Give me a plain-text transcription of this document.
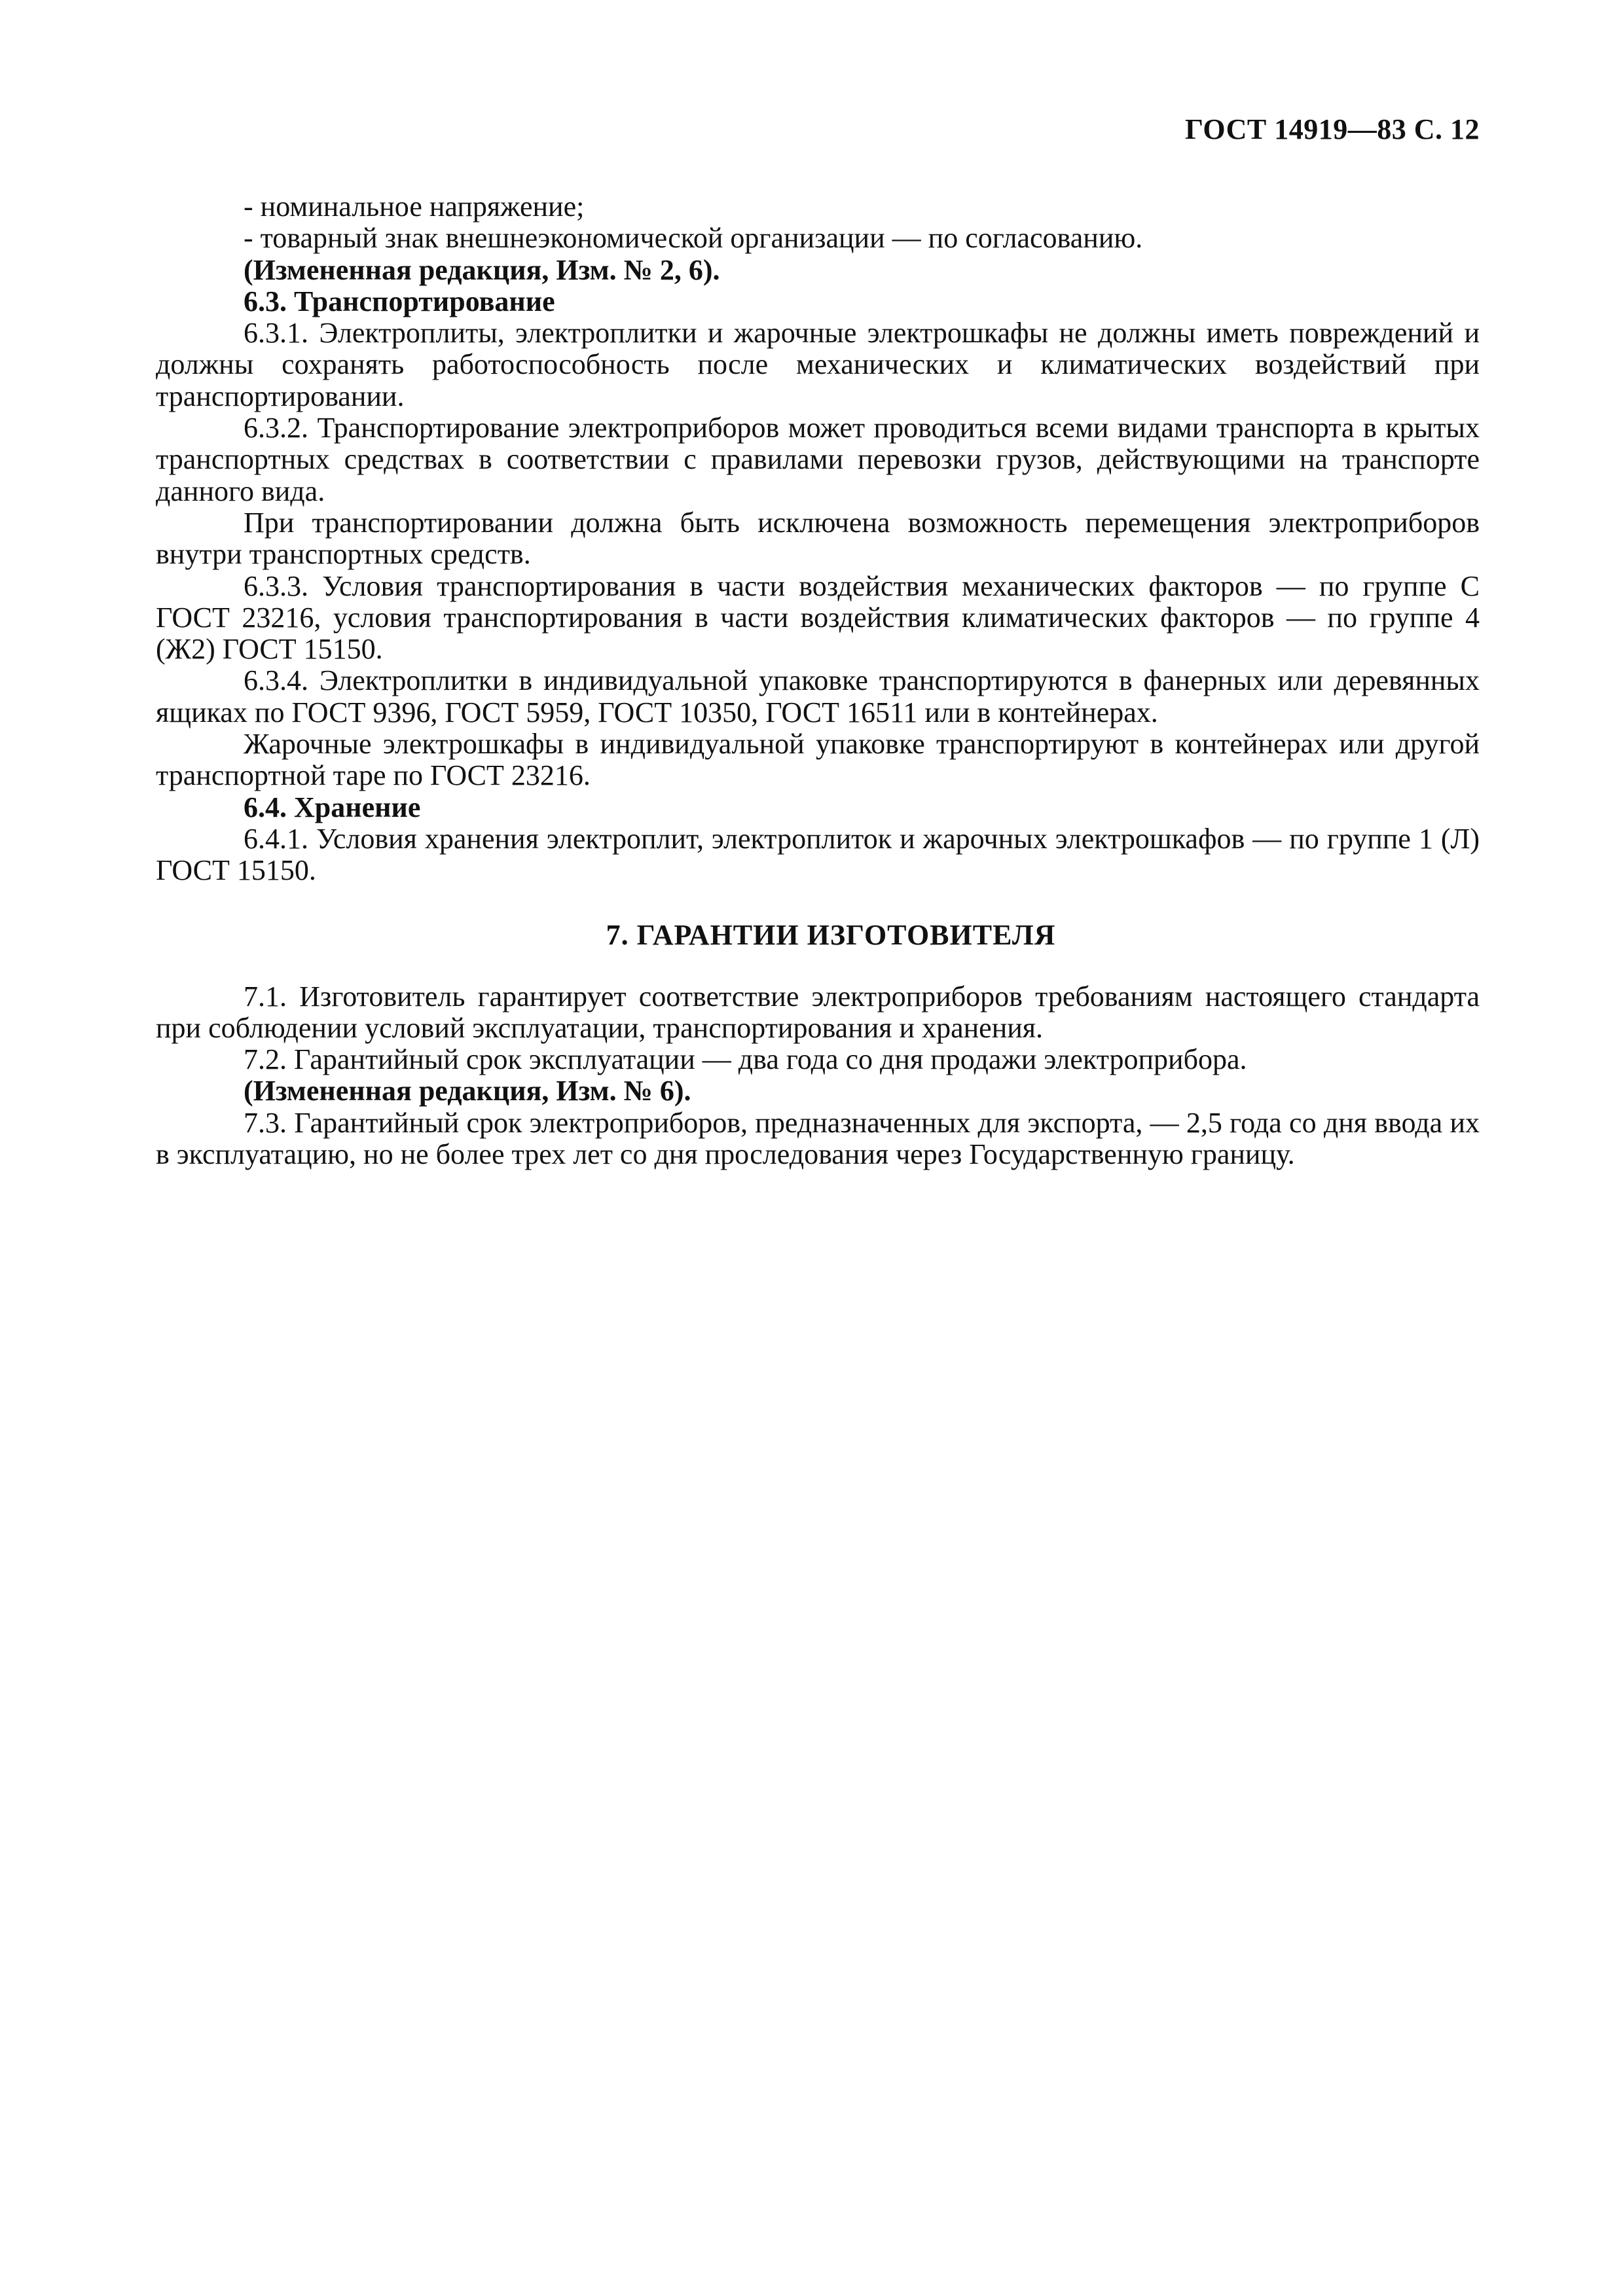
ГОСТ 14919—83 С. 12

- номинальное напряжение;

- товарный знак внешнеэкономической организации — по согласованию.

(Измененная редакция, Изм. № 2, 6).

6.3. Транспортирование

6.3.1. Электроплиты, электроплитки и жарочные электрошкафы не должны иметь повреждений и должны сохранять работоспособность после механических и климатических воздействий при транспортировании.

6.3.2. Транспортирование электроприборов может проводиться всеми видами транспорта в крытых транспортных средствах в соответствии с правилами перевозки грузов, действующими на транспорте данного вида.

При транспортировании должна быть исключена возможность перемещения электроприборов внутри транспортных средств.

6.3.3. Условия транспортирования в части воздействия механических факторов — по группе С ГОСТ 23216, условия транспортирования в части воздействия климатических факторов — по группе 4 (Ж2) ГОСТ 15150.

6.3.4. Электроплитки в индивидуальной упаковке транспортируются в фанерных или деревянных ящиках по ГОСТ 9396, ГОСТ 5959, ГОСТ 10350, ГОСТ 16511 или в контейнерах.

Жарочные электрошкафы в индивидуальной упаковке транспортируют в контейнерах или другой транспортной таре по ГОСТ 23216.

6.4. Хранение

6.4.1. Условия хранения электроплит, электроплиток и жарочных электрошкафов — по группе 1 (Л) ГОСТ 15150.

7. ГАРАНТИИ ИЗГОТОВИТЕЛЯ

7.1. Изготовитель гарантирует соответствие электроприборов требованиям настоящего стандарта при соблюдении условий эксплуатации, транспортирования и хранения.

7.2. Гарантийный срок эксплуатации — два года со дня продажи электроприбора.

(Измененная редакция, Изм. № 6).

7.3. Гарантийный срок электроприборов, предназначенных для экспорта, — 2,5 года со дня ввода их в эксплуатацию, но не более трех лет со дня проследования через Государственную границу.
